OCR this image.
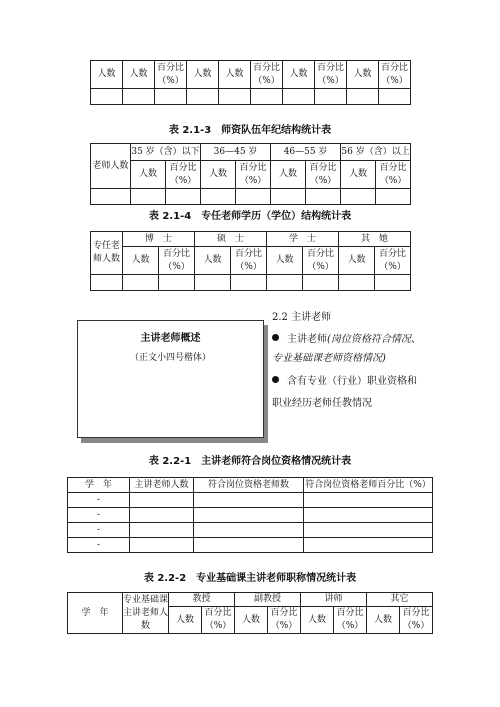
人数	人数	百分比（%）	人数	人数	百分比（%）	人数	百分比（%）	人数	百分比（%）

表 2.1-3　师资队伍年纪结构统计表
老师人数	35 岁（含）以下		36—45 岁		46—55 岁		56 岁（含）以上	
	人数	百分比（%）	人数	百分比（%）	人数	百分比（%）	人数	百分比（%）

表 2.1-4　专任老师学历（学位）结构统计表
专任老师人数	博　士		硕　士		学　士		其　她	
	人数	百分比（%）	人数	百分比（%）	人数	百分比（%）	人数	百分比（%）

主讲老师概述
（正文小四号楷体）
2.2 主讲老师
主讲老师(岗位资格符合情况、
专业基础课老师资格情况)
含有专业（行业）职业资格和
职业经历老师任教情况
表 2.2-1　主讲老师符合岗位资格情况统计表
学　年	主讲老师人数	符合岗位资格老师数	符合岗位资格老师百分比（%）
-			
-			
-			
-			
表 2.2-2　专业基础课主讲老师职称情况统计表
学　年	专业基础课主讲老师人数	教授		副教授		讲师		其它	
		人数	百分比（%）	人数	百分比（%）	人数	百分比（%）	人数	百分比（%）
